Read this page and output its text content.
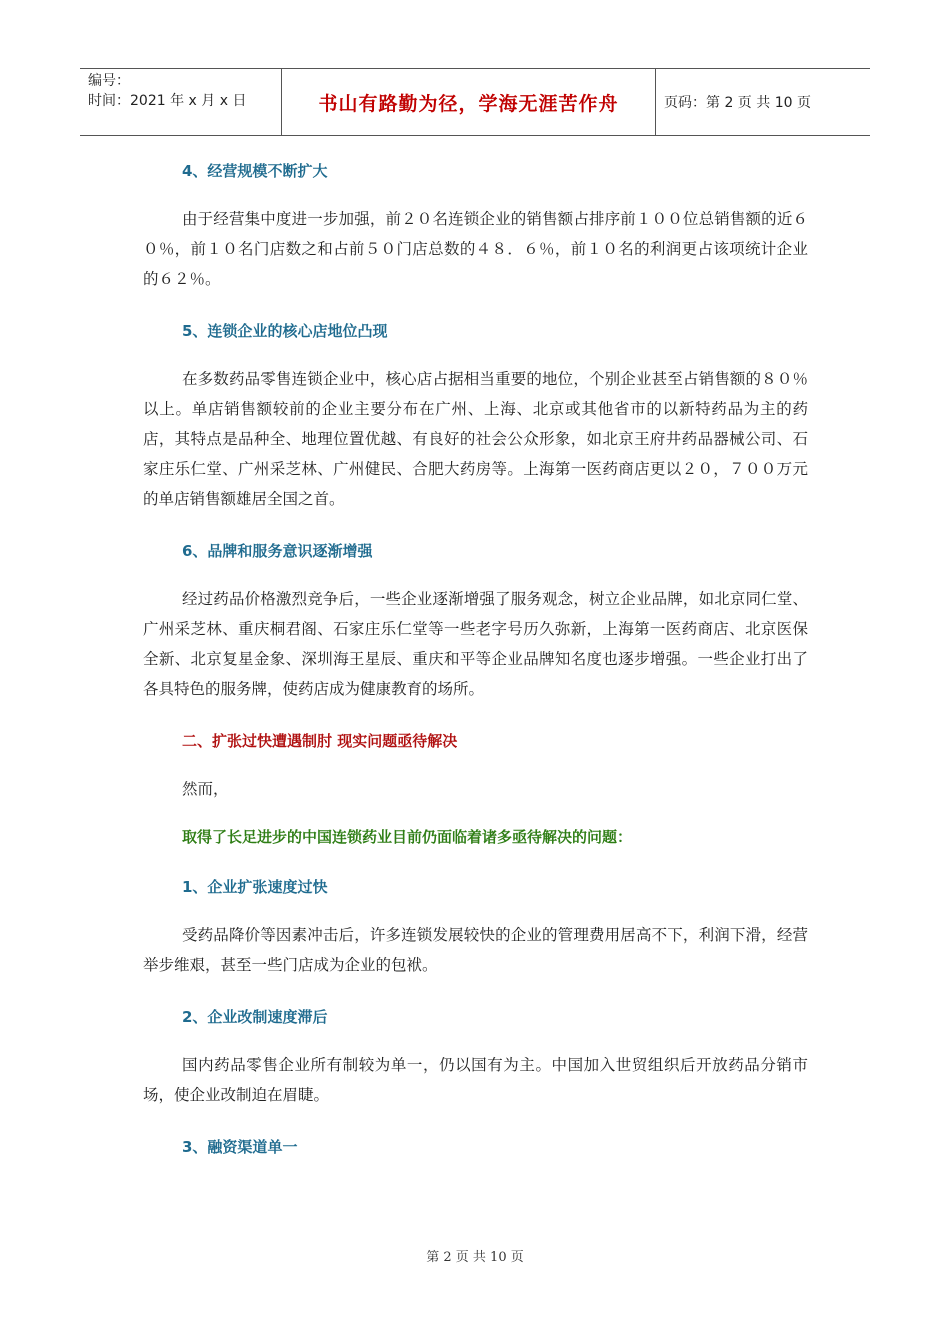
编号：
时间：2021 年 x 月 x 日	书山有路勤为径，学海无涯苦作舟	页码：第 2 页 共 10 页
4、经营规模不断扩大

由于经营集中度进一步加强，前２０名连锁企业的销售额占排序前１００位总销售额的近６０％，前１０名门店数之和占前５０门店总数的４８．６％，前１０名的利润更占该项统计企业的６２％。

5、连锁企业的核心店地位凸现

在多数药品零售连锁企业中，核心店占据相当重要的地位，个别企业甚至占销售额的８０％以上。单店销售额较前的企业主要分布在广州、上海、北京或其他省市的以新特药品为主的药店，其特点是品种全、地理位置优越、有良好的社会公众形象，如北京王府井药品器械公司、石家庄乐仁堂、广州采芝林、广州健民、合肥大药房等。上海第一医药商店更以２０，７００万元的单店销售额雄居全国之首。

6、品牌和服务意识逐渐增强

经过药品价格激烈竞争后，一些企业逐渐增强了服务观念，树立企业品牌，如北京同仁堂、广州采芝林、重庆桐君阁、石家庄乐仁堂等一些老字号历久弥新，上海第一医药商店、北京医保全新、北京复星金象、深圳海王星辰、重庆和平等企业品牌知名度也逐步增强。一些企业打出了各具特色的服务牌，使药店成为健康教育的场所。

二、扩张过快遭遇制肘 现实问题亟待解决

然而，

取得了长足进步的中国连锁药业目前仍面临着诸多亟待解决的问题：
1、企业扩张速度过快

受药品降价等因素冲击后，许多连锁发展较快的企业的管理费用居高不下，利润下滑，经营举步维艰，甚至一些门店成为企业的包袱。

2、企业改制速度滞后

国内药品零售企业所有制较为单一，仍以国有为主。中国加入世贸组织后开放药品分销市场，使企业改制迫在眉睫。

3、融资渠道单一
第 2 页 共 10 页
